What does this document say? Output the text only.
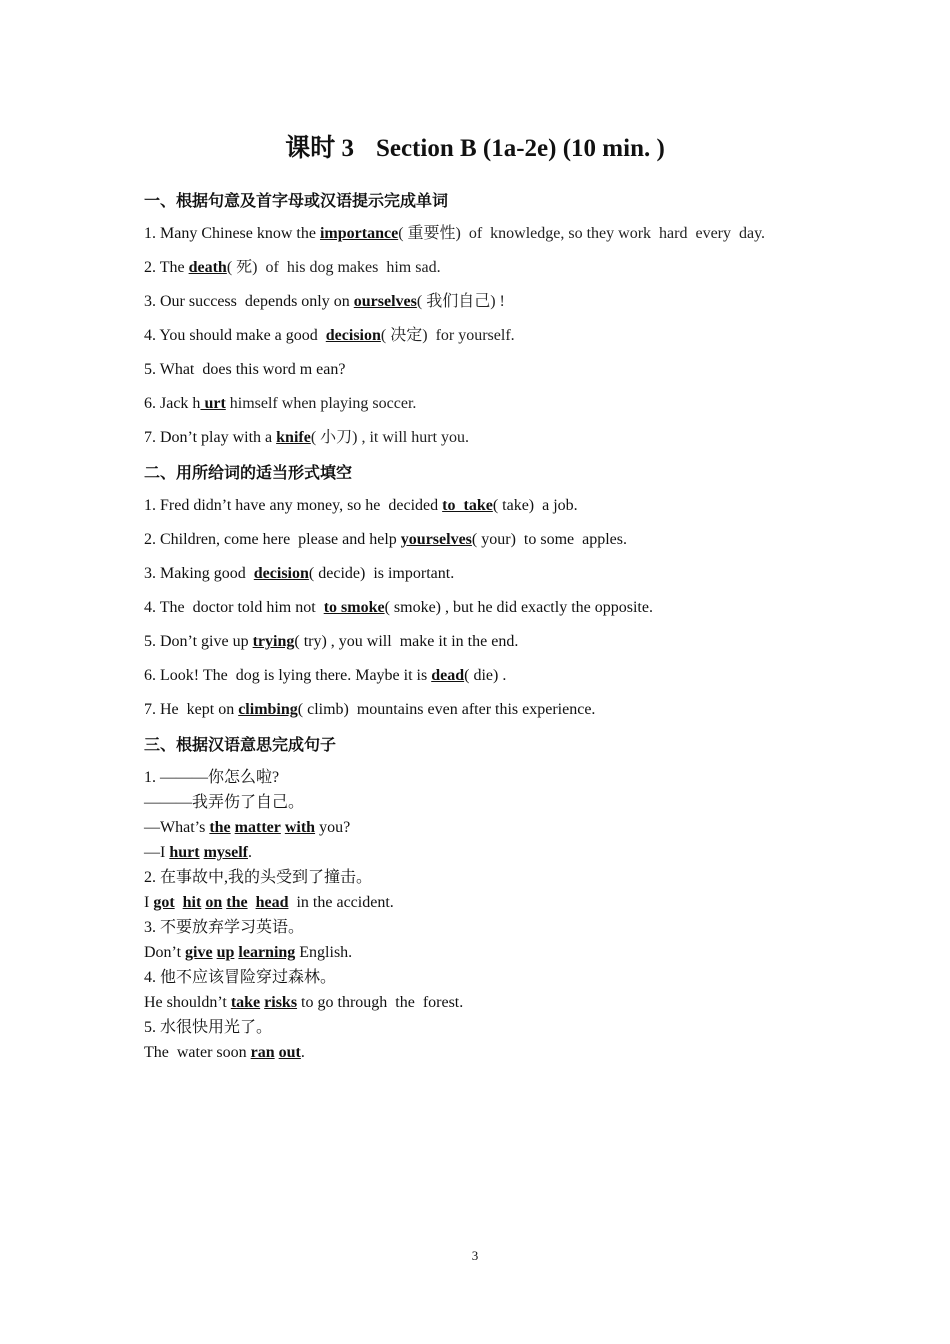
课时 3 Section B (1a-2e) (10 min. )
一、根据句意及首字母或汉语提示完成单词
1. Many Chinese know the importance( 重要性)  of  knowledge, so they work  hard  every  day.
2. The death( 死)  of  his dog makes  him sad.
3. Our success  depends only on ourselves( 我们自己) !
4. You should make a good  decision( 决定)  for yourself.
5. What  does this word m ean?
6. Jack h urt himself when playing soccer.
7. Don’t play with a knife( 小刀) , it will hurt you.
二、用所给词的适当形式填空
1. Fred didn’t have any money, so he  decided to  take( take)  a job.
2. Children, come here  please and help yourselves( your)  to some  apples.
3. Making good  decision( decide)  is important.
4. The  doctor told him not  to smoke( smoke) , but he did exactly the opposite.
5. Don’t give up trying( try) , you will  make it in the end.
6. Look! The  dog is lying there. Maybe it is dead( die) .
7. He  kept on climbing( climb)  mountains even after this experience.
三、根据汉语意思完成句子
1. ———你怎么啦?
———我弄伤了自己。
—What’s the matter with you?
—I hurt myself.
2. 在事故中,我的头受到了撞击。
I got hit on the head  in the accident.
3. 不要放弃学习英语。
Don’t give up learning English.
4. 他不应该冒险穿过森林。
He shouldn’t take risks to go through  the  forest.
5. 水很快用光了。
The  water soon ran out.
3
